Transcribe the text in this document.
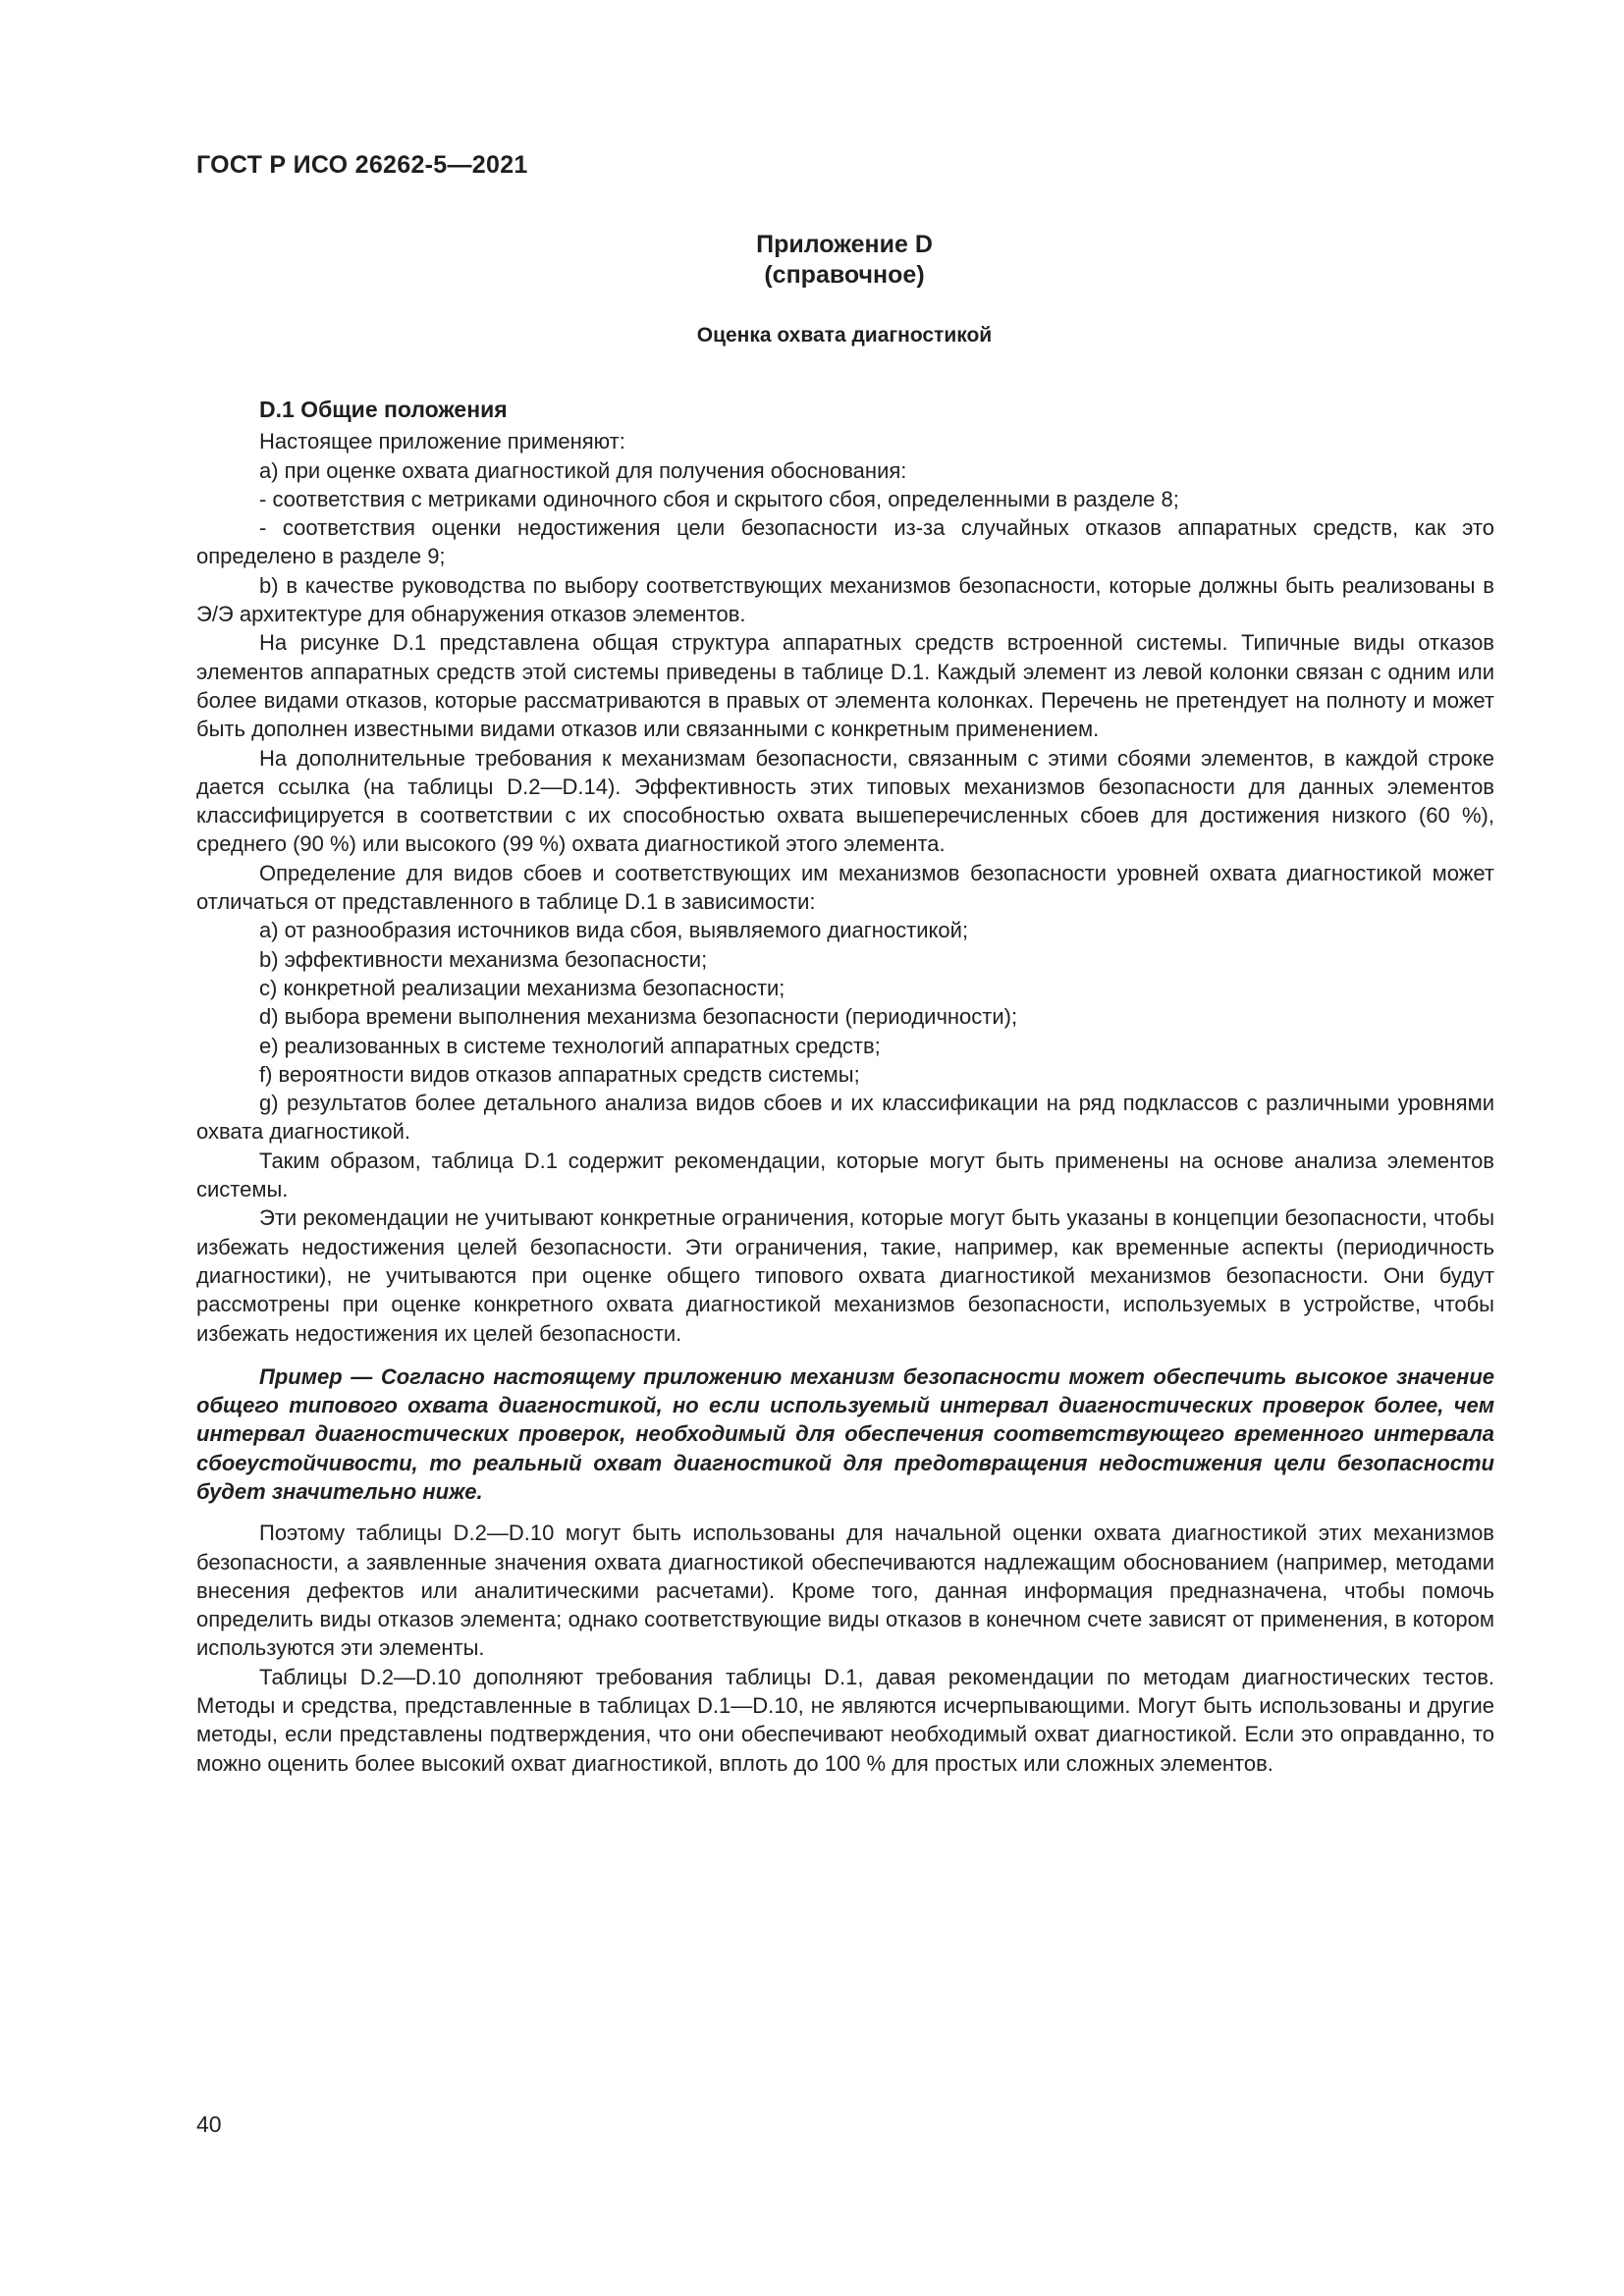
ГОСТ Р ИСО 26262-5—2021
Приложение D
(справочное)
Оценка охвата диагностикой
D.1 Общие положения

Настоящее приложение применяют:

а) при оценке охвата диагностикой для получения обоснования:

- соответствия с метриками одиночного сбоя и скрытого сбоя, определенными в разделе 8;

- соответствия оценки недостижения цели безопасности из-за случайных отказов аппаратных средств, как это определено в разделе 9;

b) в качестве руководства по выбору соответствующих механизмов безопасности, которые должны быть реализованы в Э/Э архитектуре для обнаружения отказов элементов.

На рисунке D.1 представлена общая структура аппаратных средств встроенной системы. Типичные виды отказов элементов аппаратных средств этой системы приведены в таблице D.1. Каждый элемент из левой колонки связан с одним или более видами отказов, которые рассматриваются в правых от элемента колонках. Перечень не претендует на полноту и может быть дополнен известными видами отказов или связанными с конкретным применением.

На дополнительные требования к механизмам безопасности, связанным с этими сбоями элементов, в каждой строке дается ссылка (на таблицы D.2—D.14). Эффективность этих типовых механизмов безопасности для данных элементов классифицируется в соответствии с их способностью охвата вышеперечисленных сбоев для достижения низкого (60 %), среднего (90 %) или высокого (99 %) охвата диагностикой этого элемента.

Определение для видов сбоев и соответствующих им механизмов безопасности уровней охвата диагностикой может отличаться от представленного в таблице D.1 в зависимости:

а) от разнообразия источников вида сбоя, выявляемого диагностикой;

b) эффективности механизма безопасности;

с) конкретной реализации механизма безопасности;

d) выбора времени выполнения механизма безопасности (периодичности);

е) реализованных в системе технологий аппаратных средств;

f) вероятности видов отказов аппаратных средств системы;

g) результатов более детального анализа видов сбоев и их классификации на ряд подклассов с различными уровнями охвата диагностикой.

Таким образом, таблица D.1 содержит рекомендации, которые могут быть применены на основе анализа элементов системы.

Эти рекомендации не учитывают конкретные ограничения, которые могут быть указаны в концепции безопасности, чтобы избежать недостижения целей безопасности. Эти ограничения, такие, например, как временные аспекты (периодичность диагностики), не учитываются при оценке общего типового охвата диагностикой механизмов безопасности. Они будут рассмотрены при оценке конкретного охвата диагностикой механизмов безопасности, используемых в устройстве, чтобы избежать недостижения их целей безопасности.

Пример — Согласно настоящему приложению механизм безопасности может обеспечить высокое значение общего типового охвата диагностикой, но если используемый интервал диагностических проверок более, чем интервал диагностических проверок, необходимый для обеспечения соответствующего временного интервала сбоеустойчивости, то реальный охват диагностикой для предотвращения недостижения цели безопасности будет значительно ниже.

Поэтому таблицы D.2—D.10 могут быть использованы для начальной оценки охвата диагностикой этих механизмов безопасности, а заявленные значения охвата диагностикой обеспечиваются надлежащим обоснованием (например, методами внесения дефектов или аналитическими расчетами). Кроме того, данная информация предназначена, чтобы помочь определить виды отказов элемента; однако соответствующие виды отказов в конечном счете зависят от применения, в котором используются эти элементы.

Таблицы D.2—D.10 дополняют требования таблицы D.1, давая рекомендации по методам диагностических тестов. Методы и средства, представленные в таблицах D.1—D.10, не являются исчерпывающими. Могут быть использованы и другие методы, если представлены подтверждения, что они обеспечивают необходимый охват диагностикой. Если это оправданно, то можно оценить более высокий охват диагностикой, вплоть до 100 % для простых или сложных элементов.

40
